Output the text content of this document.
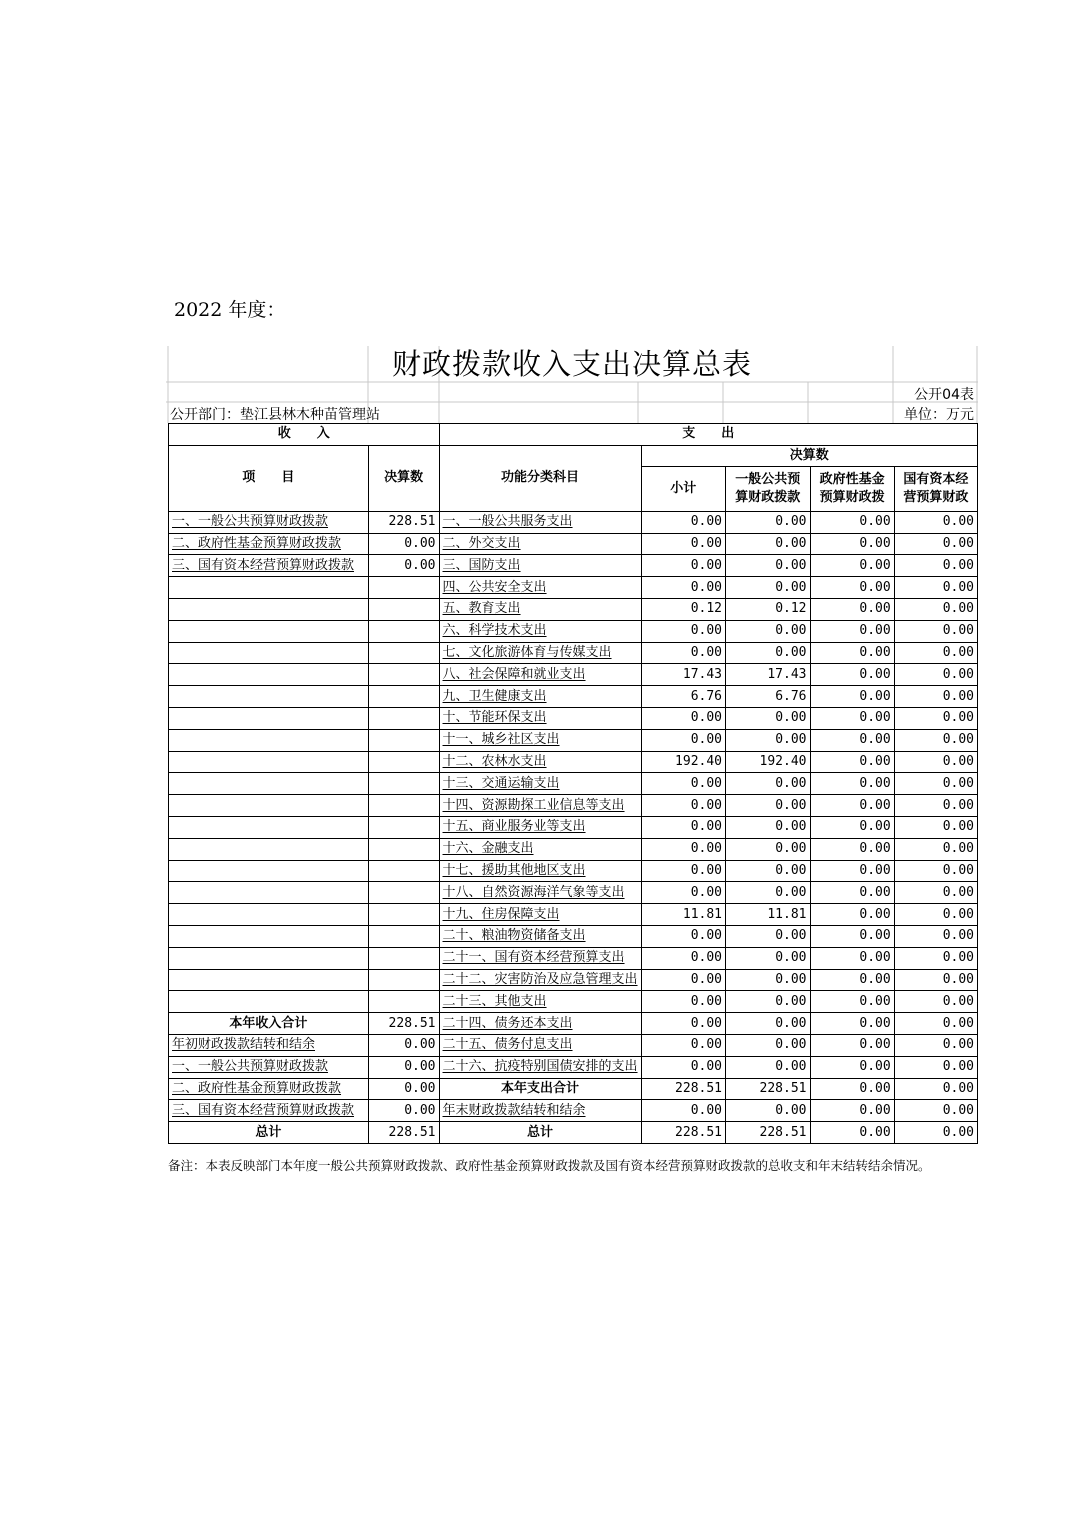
2022 年度：
财政拨款收入支出决算总表
公开04表
公开部门：垫江县林木种苗管理站	单位：万元
收　　入		支　　出				
项　　目	决算数	功能分类科目	决算数			
			小计	一般公共预算财政拨款	政府性基金预算财政拨	国有资本经营预算财政
一、一般公共预算财政拨款	228.51	一、一般公共服务支出	0.00	0.00	0.00	0.00
二、政府性基金预算财政拨款	0.00	二、外交支出	0.00	0.00	0.00	0.00
三、国有资本经营预算财政拨款	0.00	三、国防支出	0.00	0.00	0.00	0.00
		四、公共安全支出	0.00	0.00	0.00	0.00
		五、教育支出	0.12	0.12	0.00	0.00
		六、科学技术支出	0.00	0.00	0.00	0.00
		七、文化旅游体育与传媒支出	0.00	0.00	0.00	0.00
		八、社会保障和就业支出	17.43	17.43	0.00	0.00
		九、卫生健康支出	6.76	6.76	0.00	0.00
		十、节能环保支出	0.00	0.00	0.00	0.00
		十一、城乡社区支出	0.00	0.00	0.00	0.00
		十二、农林水支出	192.40	192.40	0.00	0.00
		十三、交通运输支出	0.00	0.00	0.00	0.00
		十四、资源勘探工业信息等支出	0.00	0.00	0.00	0.00
		十五、商业服务业等支出	0.00	0.00	0.00	0.00
		十六、金融支出	0.00	0.00	0.00	0.00
		十七、援助其他地区支出	0.00	0.00	0.00	0.00
		十八、自然资源海洋气象等支出	0.00	0.00	0.00	0.00
		十九、住房保障支出	11.81	11.81	0.00	0.00
		二十、粮油物资储备支出	0.00	0.00	0.00	0.00
		二十一、国有资本经营预算支出	0.00	0.00	0.00	0.00
		二十二、灾害防治及应急管理支出	0.00	0.00	0.00	0.00
		二十三、其他支出	0.00	0.00	0.00	0.00
本年收入合计	228.51	二十四、债务还本支出	0.00	0.00	0.00	0.00
年初财政拨款结转和结余	0.00	二十五、债务付息支出	0.00	0.00	0.00	0.00
一、一般公共预算财政拨款	0.00	二十六、抗疫特别国债安排的支出	0.00	0.00	0.00	0.00
二、政府性基金预算财政拨款	0.00	本年支出合计	228.51	228.51	0.00	0.00
三、国有资本经营预算财政拨款	0.00	年末财政拨款结转和结余	0.00	0.00	0.00	0.00
总计	228.51	总计	228.51	228.51	0.00	0.00
备注：本表反映部门本年度一般公共预算财政拨款、政府性基金预算财政拨款及国有资本经营预算财政拨款的总收支和年末结转结余情况。
